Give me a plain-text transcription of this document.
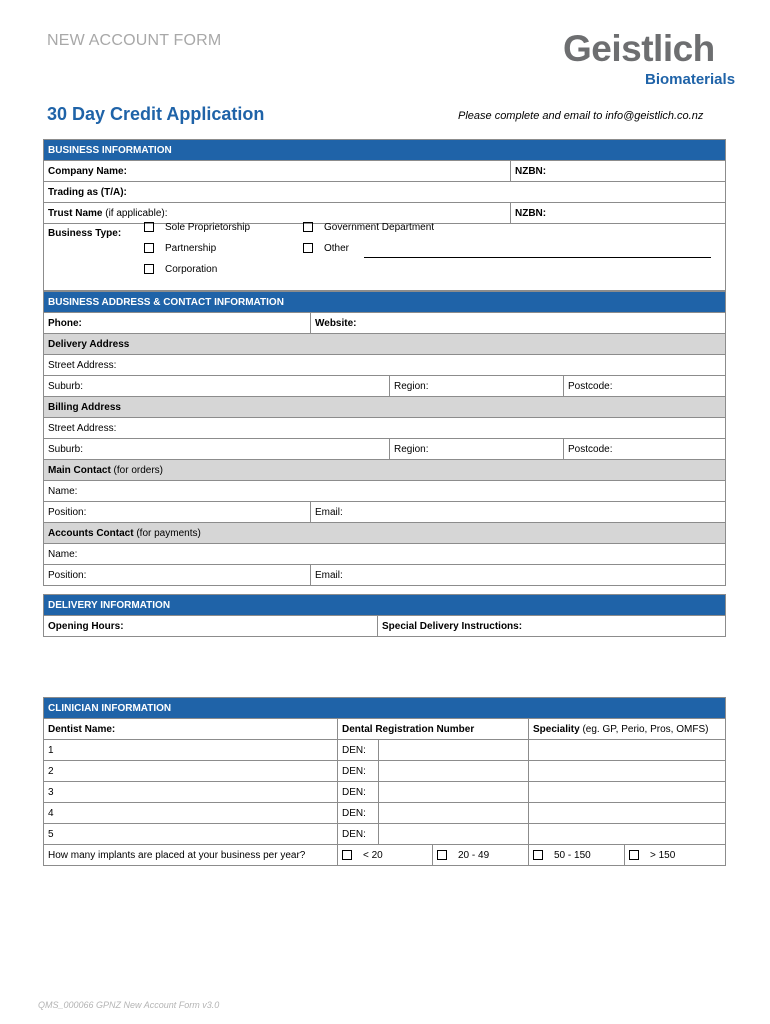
NEW ACCOUNT FORM	Geistlich
Biomaterials
30 Day Credit Application	Please complete and email to info@geistlich.co.nz
BUSINESS INFORMATION	
Company Name:	NZBN:
Trading as (T/A):	
Trust Name (if applicable):	NZBN:
Business Type:	
Sole Proprietorship	Government Department
Partnership	Other
Corporation
BUSINESS ADDRESS & CONTACT INFORMATION			
Phone:	Website:		
Delivery Address			
Street Address:			
Suburb:		Region:	Postcode:
Billing Address			
Street Address:			
Suburb:		Region:	Postcode:
Main Contact (for orders)			
Name:			
Position:	Email:		
Accounts Contact (for payments)			
Name:			
Position:	Email:		
DELIVERY INFORMATION
Opening Hours:	Special Delivery Instructions:
CLINICIAN INFORMATION					
Dentist Name:	Dental Registration Number			Speciality (eg. GP, Perio, Pros, OMFS)	
1	DEN:				
2	DEN:				
3	DEN:				
4	DEN:				
5	DEN:				
How many implants are placed at your business per year?	< 20		20 - 49	50 - 150	> 150
QMS_000066 GPNZ New Account Form v3.0
